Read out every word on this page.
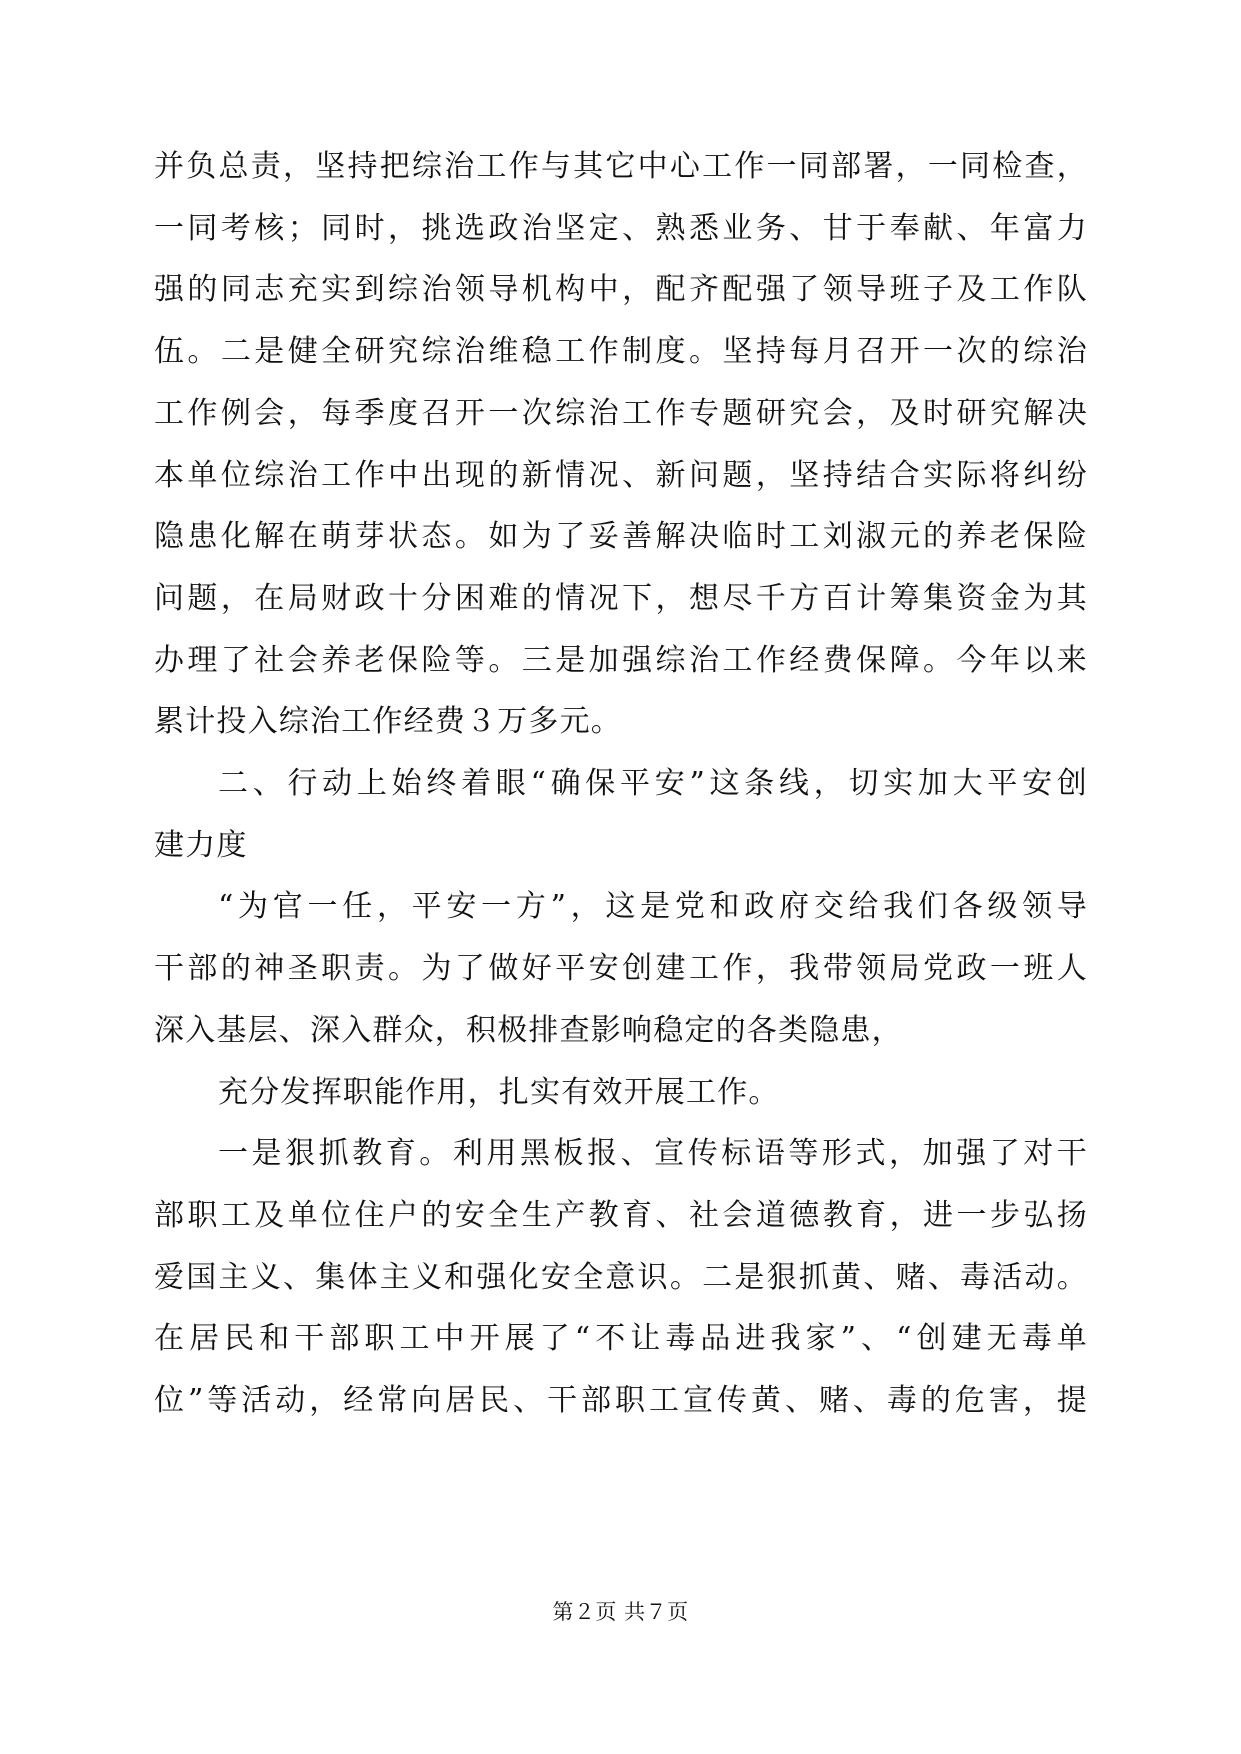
并负总责，坚持把综治工作与其它中心工作一同部署，一同检查，
一同考核；同时，挑选政治坚定、熟悉业务、甘于奉献、年富力
强的同志充实到综治领导机构中，配齐配强了领导班子及工作队
伍。二是健全研究综治维稳工作制度。坚持每月召开一次的综治
工作例会，每季度召开一次综治工作专题研究会，及时研究解决
本单位综治工作中出现的新情况、新问题，坚持结合实际将纠纷
隐患化解在萌芽状态。如为了妥善解决临时工刘淑元的养老保险
问题，在局财政十分困难的情况下，想尽千方百计筹集资金为其
办理了社会养老保险等。三是加强综治工作经费保障。今年以来
累计投入综治工作经费３万多元。
二、行动上始终着眼“确保平安”这条线，切实加大平安创
建力度
“为官一任，平安一方”，这是党和政府交给我们各级领导
干部的神圣职责。为了做好平安创建工作，我带领局党政一班人
深入基层、深入群众，积极排查影响稳定的各类隐患，
充分发挥职能作用，扎实有效开展工作。
一是狠抓教育。利用黑板报、宣传标语等形式，加强了对干
部职工及单位住户的安全生产教育、社会道德教育，进一步弘扬
爱国主义、集体主义和强化安全意识。二是狠抓黄、赌、毒活动。
在居民和干部职工中开展了“不让毒品进我家”、“创建无毒单
位”等活动，经常向居民、干部职工宣传黄、赌、毒的危害，提
第２页 共７页
